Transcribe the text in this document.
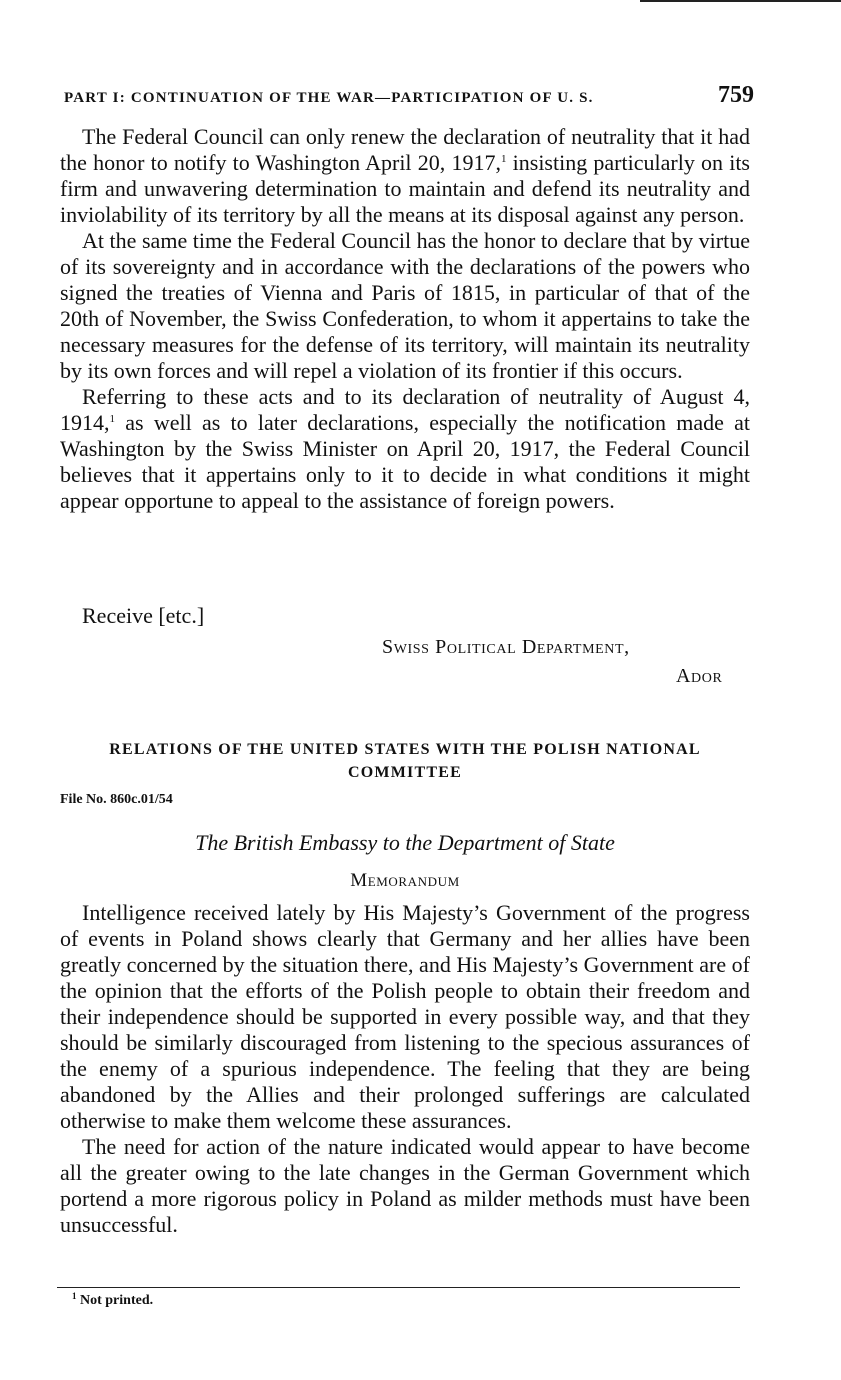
PART I: CONTINUATION OF THE WAR—PARTICIPATION OF U. S.	759

The Federal Council can only renew the declaration of neutrality that it had the honor to notify to Washington April 20, 1917,$^1$ insisting particularly on its firm and unwavering determination to maintain and defend its neutrality and inviolability of its territory by all the means at its disposal against any person.

At the same time the Federal Council has the honor to declare that by virtue of its sovereignty and in accordance with the declarations of the powers who signed the treaties of Vienna and Paris of 1815, in particular of that of the 20th of November, the Swiss Confederation, to whom it appertains to take the necessary measures for the defense of its territory, will maintain its neutrality by its own forces and will repel a violation of its frontier if this occurs.

Referring to these acts and to its declaration of neutrality of August 4, 1914,$^1$ as well as to later declarations, especially the notification made at Washington by the Swiss Minister on April 20, 1917, the Federal Council believes that it appertains only to it to decide in what conditions it might appear opportune to appeal to the assistance of foreign powers.

Receive [etc.]
Swiss Political Department,
Ador
RELATIONS OF THE UNITED STATES WITH THE POLISH NATIONAL
COMMITTEE
File No. 860c.01/54
The British Embassy to the Department of State
Memorandum

Intelligence received lately by His Majesty’s Government of the progress of events in Poland shows clearly that Germany and her allies have been greatly concerned by the situation there, and His Majesty’s Government are of the opinion that the efforts of the Polish people to obtain their freedom and their independence should be supported in every possible way, and that they should be similarly discouraged from listening to the specious assurances of the enemy of a spurious independence. The feeling that they are being abandoned by the Allies and their prolonged sufferings are calculated otherwise to make them welcome these assurances.

The need for action of the nature indicated would appear to have become all the greater owing to the late changes in the German Government which portend a more rigorous policy in Poland as milder methods must have been unsuccessful.

$^1$ Not printed.
